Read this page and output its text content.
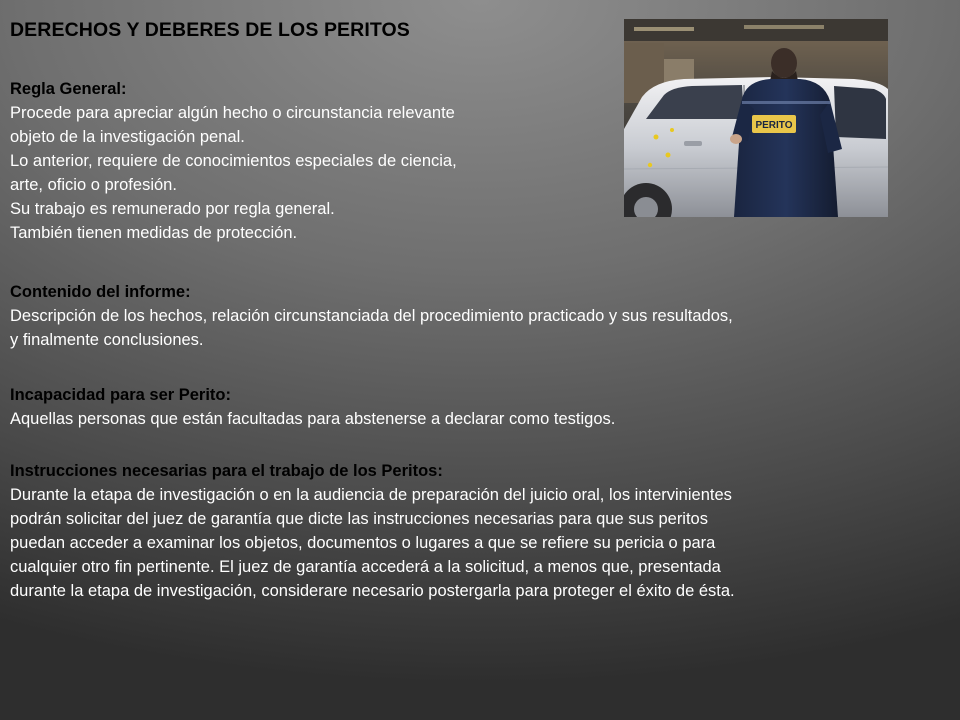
DERECHOS Y DEBERES DE LOS PERITOS

Regla General:

Procede para apreciar algún hecho o circunstancia relevante

objeto de la investigación penal.

Lo anterior, requiere de conocimientos especiales de ciencia,

arte, oficio o profesión.

Su trabajo es remunerado por regla general.

También tienen medidas de protección.

Contenido del informe:

Descripción de los hechos, relación circunstanciada del procedimiento practicado y sus resultados,

y finalmente conclusiones.

Incapacidad para ser Perito:

Aquellas personas que están facultadas para abstenerse a declarar como testigos.

Instrucciones necesarias para el trabajo de los Peritos:

Durante la etapa de investigación o en la audiencia de preparación del juicio oral, los intervinientes

podrán solicitar del juez de garantía que dicte las instrucciones necesarias para que sus peritos

puedan acceder a examinar los objetos, documentos o lugares a que se refiere su pericia o para

cualquier otro fin pertinente. El juez de garantía accederá a la solicitud, a menos que, presentada

durante la etapa de investigación, considerare necesario postergarla para proteger el éxito de ésta.

PERITO
